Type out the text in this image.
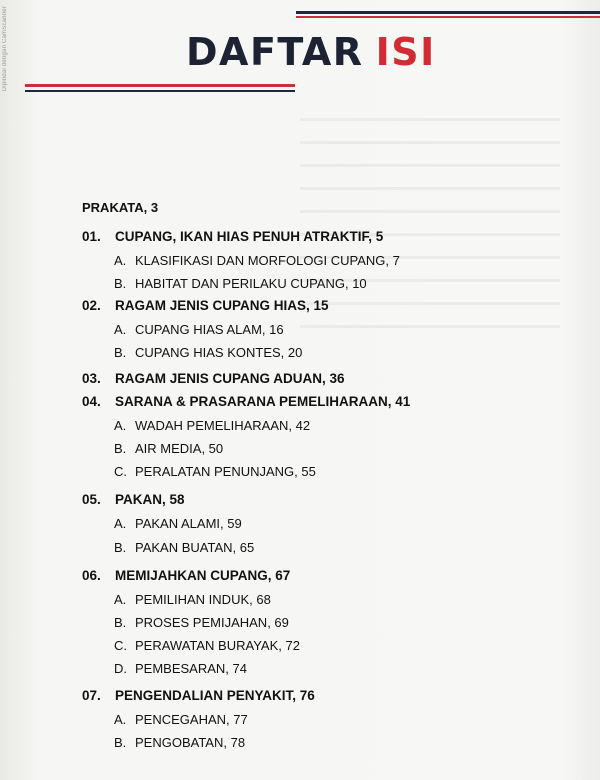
Dipindai dengan CamScanner	DAFTAR ISI
PRAKATA, 3
01.	CUPANG, IKAN HIAS PENUH ATRAKTIF, 5
A. KLASIFIKASI DAN MORFOLOGI CUPANG, 7
B. HABITAT DAN PERILAKU CUPANG, 10
02.	RAGAM JENIS CUPANG HIAS, 15
A. CUPANG HIAS ALAM, 16
B. CUPANG HIAS KONTES, 20
03.	RAGAM JENIS CUPANG ADUAN, 36
04.	SARANA & PRASARANA PEMELIHARAAN, 41
A. WADAH PEMELIHARAAN, 42
B. AIR MEDIA, 50
C. PERALATAN PENUNJANG, 55
05.	PAKAN, 58
A. PAKAN ALAMI, 59
B. PAKAN BUATAN, 65
06.	MEMIJAHKAN CUPANG, 67
A. PEMILIHAN INDUK, 68
B. PROSES PEMIJAHAN, 69
C. PERAWATAN BURAYAK, 72
D. PEMBESARAN, 74
07.	PENGENDALIAN PENYAKIT, 76
A. PENCEGAHAN, 77
B. PENGOBATAN, 78
